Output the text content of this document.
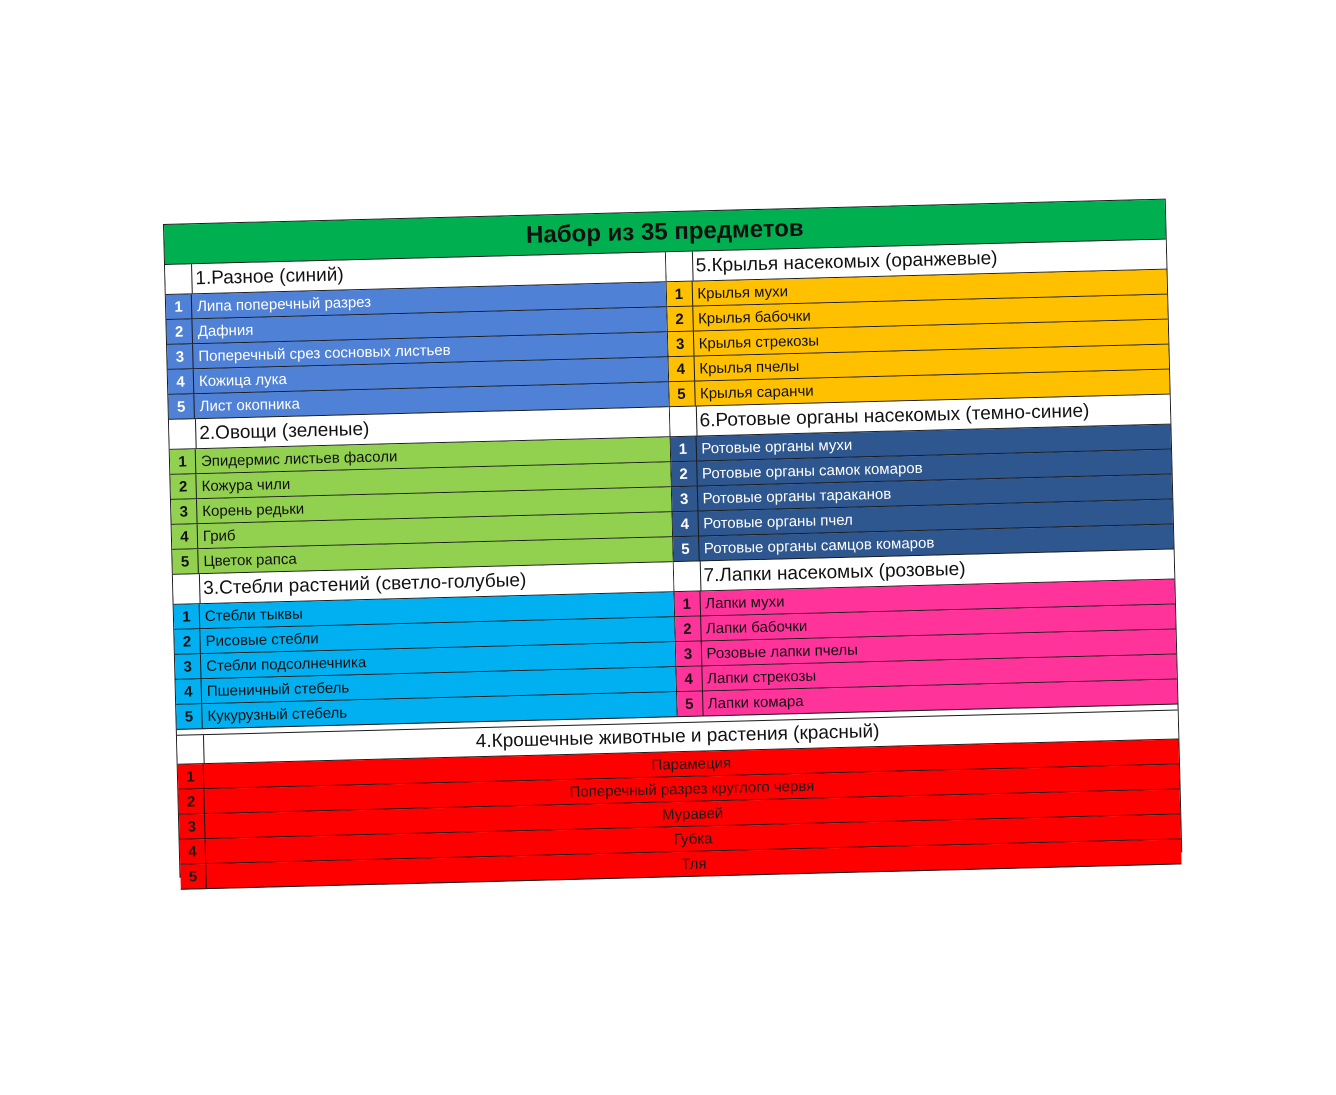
Набор из 35 предметов
1.Разное (синий)
1 Липа поперечный разрез
2 Дафния
3 Поперечный срез сосновых листьев
4 Кожица лука
5 Лист окопника
2.Овощи (зеленые)
1 Эпидермис листьев фасоли
2 Кожура чили
3 Корень редьки
4 Гриб
5 Цветок рапса
3.Стебли растений (светло-голубые)
1 Стебли тыквы
2 Рисовые стебли
3 Стебли подсолнечника
4 Пшеничный стебель
5 Кукурузный стебель
5.Крылья насекомых (оранжевые)
1 Крылья мухи
2 Крылья бабочки
3 Крылья стрекозы
4 Крылья пчелы
5 Крылья саранчи
6.Ротовые органы насекомых (темно-синие)
1 Ротовые органы мухи
2 Ротовые органы самок комаров
3 Ротовые органы тараканов
4 Ротовые органы пчел
5 Ротовые органы самцов комаров
7.Лапки насекомых (розовые)
1 Лапки мухи
2 Лапки бабочки
3 Розовые лапки пчелы
4 Лапки стрекозы
5 Лапки комара
4.Крошечные животные и растения (красный)
1
Парамеция
2
Поперечный разрез круглого червя
3
Муравей
4
Губка
5
Тля
